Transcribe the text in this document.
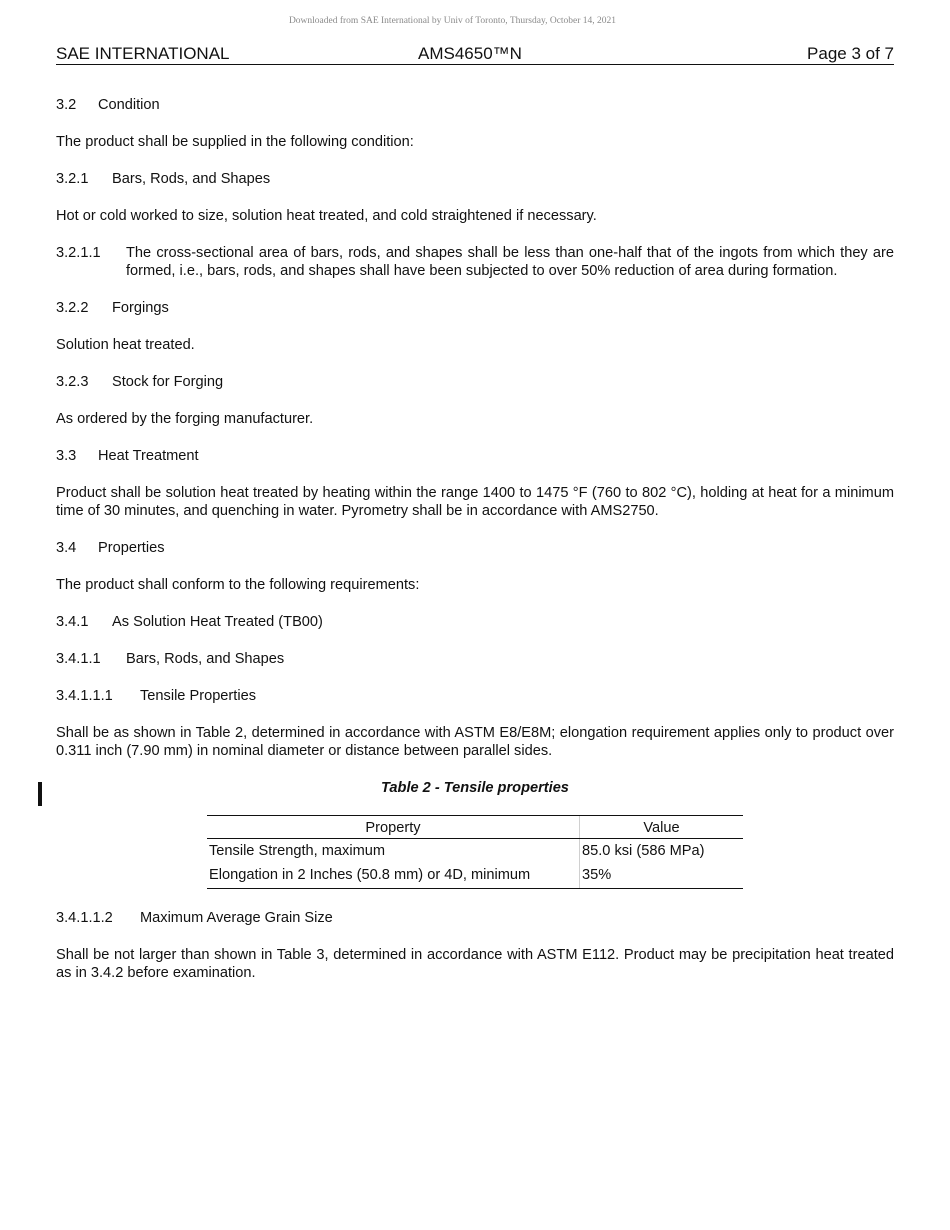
Downloaded from SAE International by Univ of Toronto, Thursday, October 14, 2021
SAE INTERNATIONAL	AMS4650™N	Page 3 of 7
3.2 Condition

The product shall be supplied in the following condition:

3.2.1 Bars, Rods, and Shapes

Hot or cold worked to size, solution heat treated, and cold straightened if necessary.

3.2.1.1	The cross-sectional area of bars, rods, and shapes shall be less than one-half that of the ingots from which they are formed, i.e., bars, rods, and shapes shall have been subjected to over 50% reduction of area during formation.
3.2.2 Forgings

Solution heat treated.

3.2.3 Stock for Forging

As ordered by the forging manufacturer.

3.3 Heat Treatment

Product shall be solution heat treated by heating within the range 1400 to 1475 °F (760 to 802 °C), holding at heat for a minimum time of 30 minutes, and quenching in water. Pyrometry shall be in accordance with AMS2750.

3.4 Properties

The product shall conform to the following requirements:

3.4.1 As Solution Heat Treated (TB00)
3.4.1.1 Bars, Rods, and Shapes
3.4.1.1.1 Tensile Properties

Shall be as shown in Table 2, determined in accordance with ASTM E8/E8M; elongation requirement applies only to product over 0.311 inch (7.90 mm) in nominal diameter or distance between parallel sides.

Table 2 - Tensile properties
Property	Value
Tensile Strength, maximum	85.0 ksi (586 MPa)
Elongation in 2 Inches (50.8 mm) or 4D, minimum	35%
3.4.1.1.2 Maximum Average Grain Size

Shall be not larger than shown in Table 3, determined in accordance with ASTM E112. Product may be precipitation heat treated as in 3.4.2 before examination.
